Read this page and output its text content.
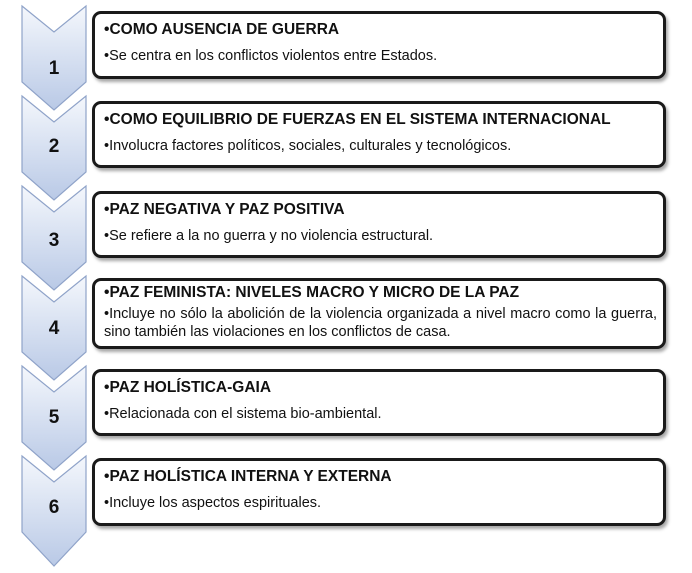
1
2
3
4
5
6
•COMO AUSENCIA DE GUERRA
•Se centra en los conflictos violentos entre Estados.
•COMO EQUILIBRIO DE FUERZAS EN EL SISTEMA INTERNACIONAL
•Involucra factores políticos, sociales, culturales y tecnológicos.
•PAZ NEGATIVA Y PAZ POSITIVA
•Se refiere a la no guerra y no violencia estructural.
•PAZ FEMINISTA: NIVELES MACRO Y MICRO DE LA PAZ
•Incluye no sólo la abolición de la violencia organizada a nivel macro como la guerra, sino también las violaciones en los conflictos de casa.
•PAZ HOLÍSTICA-GAIA
•Relacionada con el sistema bio-ambiental.
•PAZ HOLÍSTICA INTERNA Y EXTERNA
•Incluye los aspectos espirituales.
